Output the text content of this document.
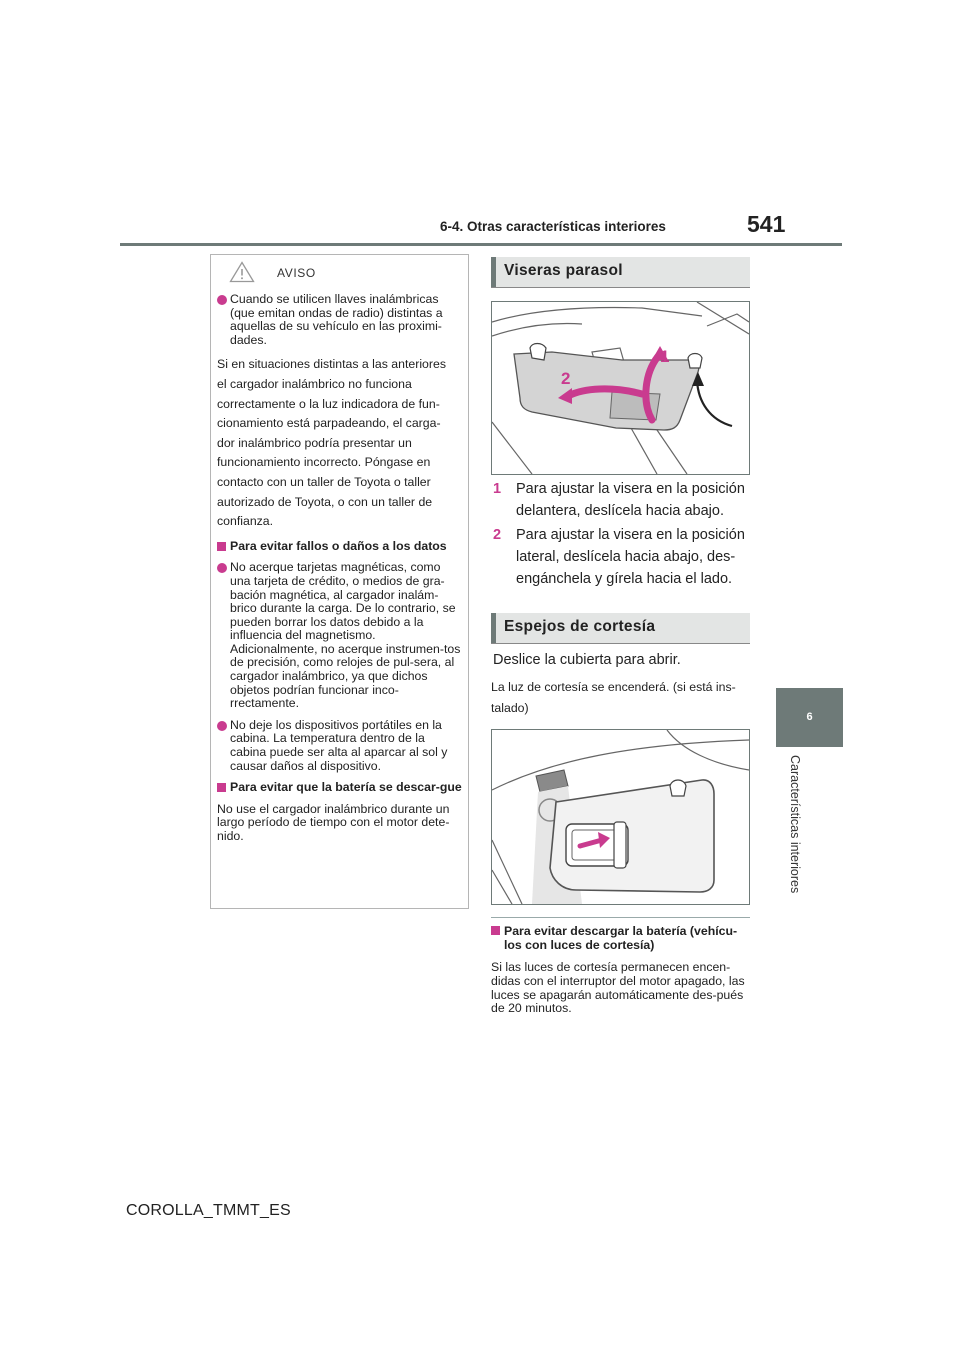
6-4. Otras características interiores	541
6
Características interiores
AVISO
Cuando se utilicen llaves inalámbricas (que emitan ondas de radio) distintas a aquellas de su vehículo en las proximi-dades.
Si en situaciones distintas a las anteriores
el cargador inalámbrico no funciona
correctamente o la luz indicadora de fun-
cionamiento está parpadeando, el carga-
dor inalámbrico podría presentar un
funcionamiento incorrecto. Póngase en
contacto con un taller de Toyota o taller
autorizado de Toyota, o con un taller de
confianza.
Para evitar fallos o daños a los datos
No acerque tarjetas magnéticas, como una tarjeta de crédito, o medios de gra-bación magnética, al cargador inalám-brico durante la carga. De lo contrario, se pueden borrar los datos debido a la influencia del magnetismo. Adicionalmente, no acerque instrumen-tos de precisión, como relojes de pul-sera, al cargador inalámbrico, ya que dichos objetos podrían funcionar inco-rrectamente.
No deje los dispositivos portátiles en la cabina. La temperatura dentro de la cabina puede ser alta al aparcar al sol y causar daños al dispositivo.
Para evitar que la batería se descar-gue
No use el cargador inalámbrico durante un largo período de tiempo con el motor dete-nido.
Viseras parasol
1
2
1	Para ajustar la visera en la posición
delantera, deslícela hacia abajo.
2	Para ajustar la visera en la posición
lateral, deslícela hacia abajo, des-
engánchela y gírela hacia el lado.
Espejos de cortesía
Deslice la cubierta para abrir.
La luz de cortesía se encenderá. (si está ins-
talado)
Para evitar descargar la batería (vehícu-los con luces de cortesía)
Si las luces de cortesía permanecen encen-didas con el interruptor del motor apagado, las luces se apagarán automáticamente des-pués de 20 minutos.
COROLLA_TMMT_ES
